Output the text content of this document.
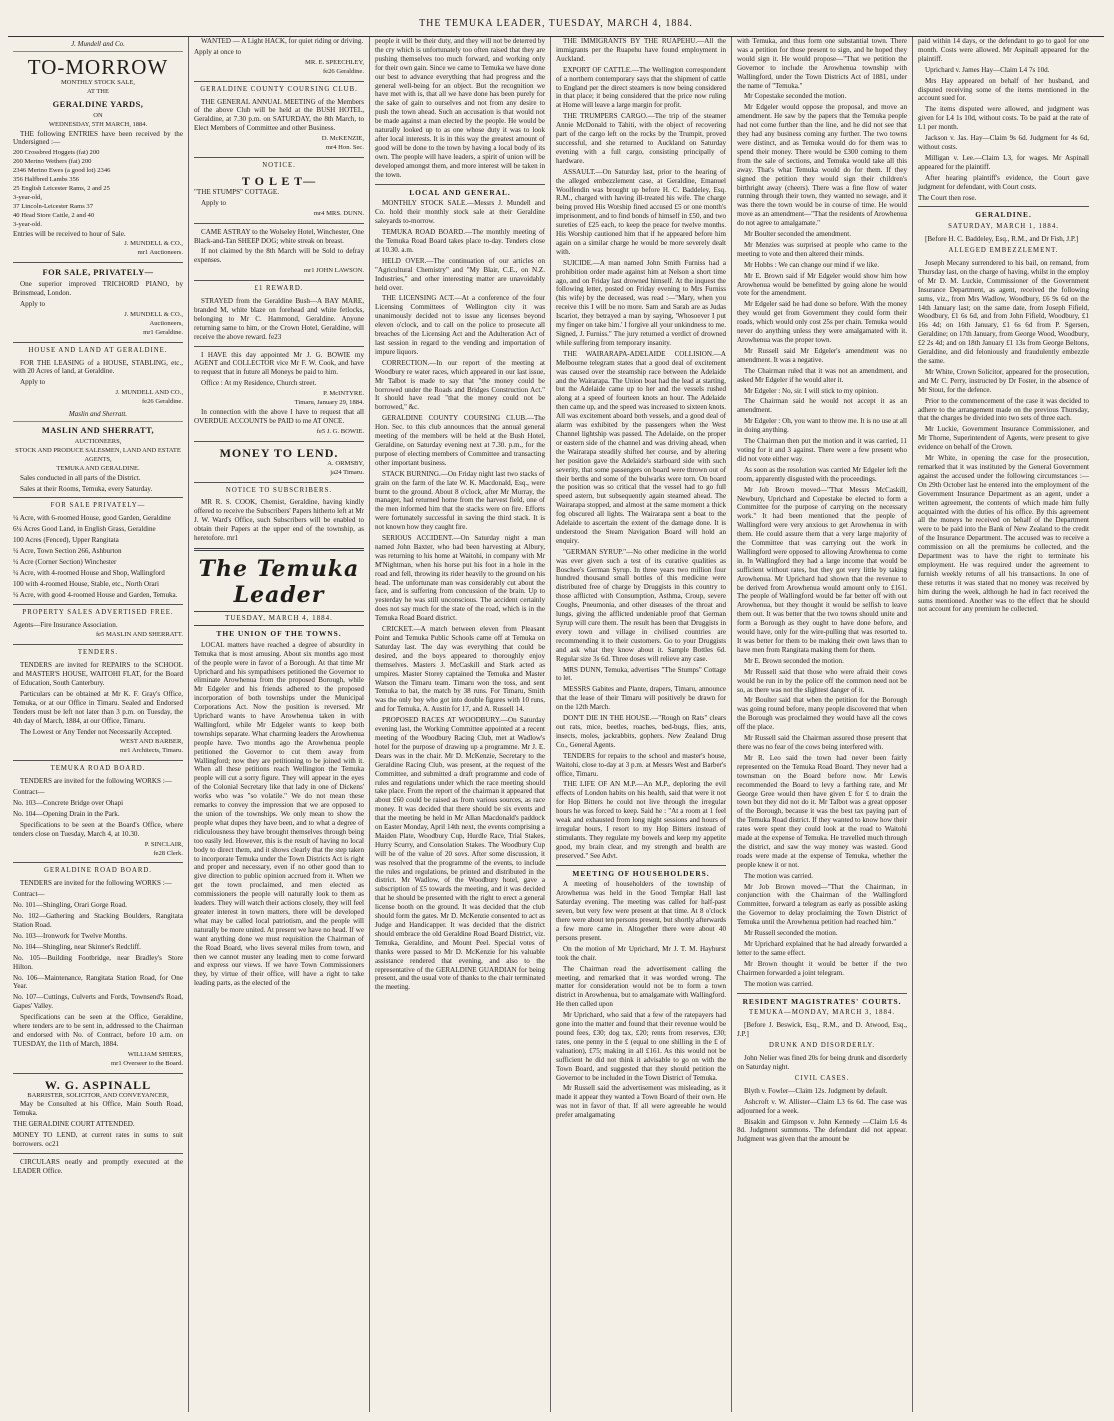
THE TEMUKA LEADER, TUESDAY, MARCH 4, 1884.
J. Mundell and Co.
TO-MORROW
MONTHLY STOCK SALE,
AT THE
GERALDINE YARDS,
ON
WEDNESDAY, 5TH MARCH, 1884.

THE following ENTRIES have been received by the Undersigned :—

200 Crossbred Hoggets (fat) 200
200 Merino Wethers (fat) 200
2346 Merino Ewes (a good lot) 2346
356 Halfbred Lambs 356
25 English Leicester Rams, 2 and 25
3-year-old,
37 Lincoln-Leicester Rams 37
40 Head Store Cattle, 2 and 40
3-year-old.

Entries will be received to hour of Sale.

J. MUNDELL & CO.,
mr1 Auctioneers.
FOR SALE, PRIVATELY—

One superior improved TRICHORD PIANO, by Brinsmead, London.

Apply to

J. MUNDELL & CO.,
Auctioneers,
mr1 Geraldine.
HOUSE AND LAND AT GERALDINE.

FOR THE LEASING of a HOUSE, STABLING, etc., with 20 Acres of land, at Geraldine.

Apply to

J. MUNDELL AND CO.,
fe26 Geraldine.
Maslin and Sherratt.
MASLIN AND SHERRATT,
AUCTIONEERS,
STOCK AND PRODUCE SALESMEN, LAND AND ESTATE AGENTS,
TEMUKA AND GERALDINE.

Sales conducted in all parts of the District.

Sales at their Rooms, Temuka, every Saturday.

FOR SALE PRIVATELY—

¼ Acre, with 6-roomed House, good Garden, Geraldine

6¼ Acres Good Land, in English Grass, Geraldine

100 Acres (Fenced), Upper Rangitata

¼ Acre, Town Section 266, Ashburton

¼ Acre (Corner Section) Winchester

¼ Acre, with 4-roomed House and Shop, Wallingford

100 with 4-roomed House, Stable, etc., North Orari

¼ Acre, with good 4-roomed House and Garden, Temuka.

PROPERTY SALES ADVERTISED FREE.

Agents—Fire Insurance Association.

fe5 MASLIN AND SHERRATT.
TENDERS.

TENDERS are invited for REPAIRS to the SCHOOL and MASTER'S HOUSE, WAITOHI FLAT, for the Board of Education, South Canterbury.

Particulars can be obtained at Mr K. F. Gray's Office, Temuka, or at our Office in Timaru. Sealed and Endorsed Tenders must be left not later than 3 p.m. on Tuesday, the 4th day of March, 1884, at our Office, Timaru.

The Lowest or Any Tender not Necessarily Accepted.

WEST AND BARBER,
mr1 Architects, Timaru.
TEMUKA ROAD BOARD.

TENDERS are invited for the following WORKS :—

Contract—

No. 103—Concrete Bridge over Ohapi

No. 104—Opening Drain in the Park.

Specifications to be seen at the Board's Office, where tenders close on Tuesday, March 4, at 10.30.

P. SINCLAIR,
fe28 Clerk.
GERALDINE ROAD BOARD.

TENDERS are invited for the following WORKS :—

Contract—

No. 101—Shingling, Orari Gorge Road.

No. 102—Gathering and Stacking Boulders, Rangitata Station Road.

No. 103—Ironwork for Twelve Months.

No. 104—Shingling, near Skinner's Redcliff.

No. 105—Building Footbridge, near Bradley's Store Hilton.

No. 106—Maintenance, Rangitata Station Road, for One Year.

No. 107—Cuttings, Culverts and Fords, Townsend's Road, Gapes' Valley.

Specifications can be seen at the Office, Geraldine, where tenders are to be sent in, addressed to the Chairman and endorsed with No. of Contract, before 10 a.m. on TUESDAY, the 11th of March, 1884.

WILLIAM SHIERS,
mr1 Overseer to the Board.
W. G. ASPINALL
BARRISTER, SOLICITOR, AND CONVEYANCER,

May be Consulted at his Office, Main South Road, Temuka.

THE GERALDINE COURT ATTENDED.

MONEY TO LEND, at current rates in sums to suit borrowers. oc21

CIRCULARS neatly and promptly executed at the LEADER Office.

WANTED — A Light HACK, for quiet riding or driving.

Apply at once to

MR. E. SPEECHLEY,
fe26 Geraldine.
GERALDINE COUNTY COURSING CLUB.

THE GENERAL ANNUAL MEETING of the Members of the above Club will be held at the BUSH HOTEL, Geraldine, at 7.30 p.m. on SATURDAY, the 8th March, to Elect Members of Committee and other Business.

D. McKENZIE,
mr4 Hon. Sec.
NOTICE.
T O L E T—

"THE STUMPS" COTTAGE.

Apply to

mr4 MRS. DUNN.

CAME ASTRAY to the Wolseley Hotel, Winchester, One Black-and-Tan SHEEP DOG; white streak on breast.

If not claimed by the 8th March will be Sold to defray expenses.

mr1 JOHN LAWSON.
£1 REWARD.

STRAYED from the Geraldine Bush—A BAY MARE, branded M, white blaze on forehead and white fetlocks, belonging to Mr C. Hammond, Geraldine. Anyone returning same to him, or the Crown Hotel, Geraldine, will receive the above reward. fe23

I HAVE this day appointed Mr J. G. BOWIE my AGENT and COLLECTOR vice Mr F. W. Cook, and have to request that in future all Moneys be paid to him.

Office : At my Residence, Church street.

P. McINTYRE.
Timaru, January 29, 1884.

In connection with the above I have to request that all OVERDUE ACCOUNTS be PAID to me AT ONCE.

fe5 J. G. BOWIE.
MONEY TO LEND.
A. ORMSBY,
ja24 Timaru.
NOTICE TO SUBSCRIBERS.

MR R. S. COOK, Chemist, Geraldine, having kindly offered to receive the Subscribers' Papers hitherto left at Mr J. W. Ward's Office, such Subscribers will be enabled to obtain their Papers at the upper end of the township, as heretofore. mr1

The Temuka Leader
TUESDAY, MARCH 4, 1884.
THE UNION OF THE TOWNS.

LOCAL matters have reached a degree of absurdity in Temuka that is most amusing. About six months ago most of the people were in favor of a Borough. At that time Mr Uprichard and his sympathisers petitioned the Governor to eliminate Arowhenua from the proposed Borough, while Mr Edgeler and his friends adhered to the proposed incorporation of both townships under the Municipal Corporations Act. Now the position is reversed. Mr Uprichard wants to have Arowhenua taken in with Wallingford, while Mr Edgeler wants to keep both townships separate. What charming leaders the Arowhenua people have. Two months ago the Arowhenua people petitioned the Governor to cut them away from Wallingford; now they are petitioning to be joined with it. When all these petitions reach Wellington the Temuka people will cut a sorry figure. They will appear in the eyes of the Colonial Secretary like that lady in one of Dickens' works who was "so volatile." We do not mean these remarks to convey the impression that we are opposed to the union of the townships. We only mean to show the people what dupes they have been, and to what a degree of ridiculousness they have brought themselves through being too easily led. However, this is the result of having no local body to direct them, and it shows clearly that the step taken to incorporate Temuka under the Town Districts Act is right and proper and necessary, even if no other good than to give direction to public opinion accrued from it. When we get the town proclaimed, and men elected as commissioners the people will naturally look to them as leaders. They will watch their actions closely, they will feel greater interest in town matters, there will be developed what may be called local patriotism, and the people will naturally be more united. At present we have no head. If we want anything done we must requisition the Chairman of the Road Board, who lives several miles from town, and then we cannot muster any leading men to come forward and express our views. If we have Town Commissioners they, by virtue of their office, will have a right to take leading parts, as the elected of the

people it will be their duty, and they will not be deterred by the cry which is unfortunately too often raised that they are pushing themselves too much forward, and working only for their own gain. Since we came to Temuka we have done our best to advance everything that had progress and the general well-being for an object. But the recognition we have met with is, that all we have done has been purely for the sake of gain to ourselves and not from any desire to push the town ahead. Such an accusation is that would not be made against a man elected by the people. He would be naturally looked up to as one whose duty it was to look after local interests. It is in this way the greatest amount of good will be done to the town by having a local body of its own. The people will have leaders, a spirit of union will be developed amongst them, and more interest will be taken in the town.

LOCAL AND GENERAL.

MONTHLY STOCK SALE.—Messrs J. Mundell and Co. hold their monthly stock sale at their Geraldine saleyards to-morrow.

TEMUKA ROAD BOARD.—The monthly meeting of the Temuka Road Board takes place to-day. Tenders close at 10.30. a.m.

HELD OVER.—The continuation of our articles on "Agricultural Chemistry" and "My Blair, C.E., on N.Z. Industries," and other interesting matter are unavoidably held over.

THE LICENSING ACT.—At a conference of the four Licensing Committees of Wellington city it was unanimously decided not to issue any licenses beyond eleven o'clock, and to call on the police to prosecute all breaches of the Licensing Act and the Adulteration Act of last session in regard to the vending and importation of impure liquors.

CORRECTION.—In our report of the meeting at Woodbury re water races, which appeared in our last issue, Mr Talbot is made to say that "the money could be borrowed under the Roads and Bridges Construction Act." It should have read "that the money could not be borrowed," &c.

GERALDINE COUNTY COURSING CLUB.—The Hon. Sec. to this club announces that the annual general meeting of the members will be held at the Bush Hotel, Geraldine, on Saturday evening next at 7.30. p.m., for the purpose of electing members of Committee and transacting other important business.

STACK BURNING.—On Friday night last two stacks of grain on the farm of the late W. K. Macdonald, Esq., were burnt to the ground. About 8 o'clock, after Mr Murray, the manager, had returned home from the harvest field, one of the men informed him that the stacks were on fire. Efforts were fortunately successful in saving the third stack. It is not known how they caught fire.

SERIOUS ACCIDENT.—On Saturday night a man named John Baxter, who had been harvesting at Albury, was returning to his home at Waitohi, in company with Mr M'Nightman, when his horse put his foot in a hole in the road and fell, throwing its rider heavily to the ground on his head. The unfortunate man was considerably cut about the face, and is suffering from concussion of the brain. Up to yesterday he was still unconscious. The accident certainly does not say much for the state of the road, which is in the Temuka Road Board district.

CRICKET.—A match between eleven from Pleasant Point and Temuka Public Schools came off at Temuka on Saturday last. The day was everything that could be desired, and the boys appeared to thoroughly enjoy themselves. Masters J. McCaskill and Stark acted as umpires. Master Storey captained the Temuka and Master Watson the Timaru team. Timaru won the toss, and sent Temuka to bat, the match by 38 runs. For Timaru, Smith was the only boy who got into double figures with 10 runs, and for Temuka, A. Austin for 17, and A. Russell 14.

PROPOSED RACES AT WOODBURY.—On Saturday evening last, the Working Committee appointed at a recent meeting of the Woodbury Racing Club, met at Wadlow's hotel for the purpose of drawing up a programme. Mr J. E. Dears was in the chair. Mr D. McKenzie, Secretary to the Geraldine Racing Club, was present, at the request of the Committee, and submitted a draft programme and code of rules and regulations under which the race meeting should take place. From the report of the chairman it appeared that about £60 could be raised as from various sources, as race money. It was decided that there should be six events and that the meeting be held in Mr Allan Macdonald's paddock on Easter Monday, April 14th next, the events comprising a Maiden Plate, Woodbury Cup, Hurdle Race, Trial Stakes, Hurry Scurry, and Consolation Stakes. The Woodbury Cup will be of the value of 20 sovs. After some discussion, it was resolved that the programme of the events, to include the rules and regulations, be printed and distributed in the district. Mr Wadlow, of the Woodbury hotel, gave a subscription of £5 towards the meeting, and it was decided that he should be presented with the right to erect a general license booth on the ground. It was decided that the club should form the gates. Mr D. McKenzie consented to act as Judge and Handicapper. It was decided that the district should embrace the old Geraldine Road Board District, viz. Temuka, Geraldine, and Mount Peel. Special votes of thanks were passed to Mr D. McKenzie for his valuable assistance rendered that evening, and also to the representative of the GERALDINE GUARDIAN for being present, and the usual vote of thanks to the chair terminated the meeting.

THE IMMIGRANTS BY THE RUAPEHU.—All the immigrants per the Ruapehu have found employment in Auckland.

EXPORT OF CATTLE.—The Wellington correspondent of a northern contemporary says that the shipment of cattle to England per the direct steamers is now being considered in that place; it being considered that the price now ruling at Home will leave a large margin for profit.

THE TRUMPERS CARGO.—The trip of the steamer Annie McDonald to Tahiti, with the object of recovering part of the cargo left on the rocks by the Trumpit, proved successful, and she returned to Auckland on Saturday evening with a full cargo, consisting principally of hardware.

ASSAULT.—On Saturday last, prior to the hearing of the alleged embezzlement case, at Geraldine, Emanuel Woolfendin was brought up before H. C. Baddeley, Esq. R.M., charged with having ill-treated his wife. The charge being proved His Worship fined accused £5 or one month's imprisonment, and to find bonds of himself in £50, and two sureties of £25 each, to keep the peace for twelve months. His Worship cautioned him that if he appeared before him again on a similar charge he would be more severely dealt with.

SUICIDE.—A man named John Smith Furniss had a prohibition order made against him at Nelson a short time ago, and on Friday last drowned himself. At the inquest the following letter, posted on Friday evening to Mrs Furniss (his wife) by the deceased, was read :—"Mary, when you receive this I will be no more. Sam and Sarah are as Judas Iscariot, they betrayed a man by saying, 'Whosoever I put my finger on take him.' I forgive all your unkindness to me. Signed, J. Furniss." The jury returned a verdict of drowned while suffering from temporary insanity.

THE WAIRARAPA-ADELAIDE COLLISION.—A Melbourne telegram states that a good deal of excitement was caused over the steamship race between the Adelaide and the Wairarapa. The Union boat had the lead at starting, but the Adelaide came up to her and the vessels rushed along at a speed of fourteen knots an hour. The Adelaide then came up, and the speed was increased to sixteen knots. All was excitement aboard both vessels, and a good deal of alarm was exhibited by the passengers when the West Channel lightship was passed. The Adelaide, on the proper or eastern side of the channel and was driving ahead, when the Wairarapa steadily shifted her course, and by altering her position gave the Adelaide's starboard side with such severity, that some passengers on board were thrown out of their berths and some of the bulwarks were torn. On board the position was so critical that the vessel had to go full speed astern, but subsequently again steamed ahead. The Wairarapa stopped, and almost at the same moment a thick fog obscured all lights. The Wairarapa sent a boat to the Adelaide to ascertain the extent of the damage done. It is understood the Steam Navigation Board will hold an enquiry.

"GERMAN SYRUP."—No other medicine in the world was ever given such a test of its curative qualities as Boschee's German Syrup. In three years two million four hundred thousand small bottles of this medicine were distributed free of charge by Druggists in this country to those afflicted with Consumption, Asthma, Croup, severe Coughs, Pneumonia, and other diseases of the throat and lungs, giving the afflicted undeniable proof that German Syrup will cure them. The result has been that Druggists in every town and village in civilised countries are recommending it to their customers. Go to your Druggists and ask what they know about it. Sample Bottles 6d. Regular size 3s 6d. Three doses will relieve any case.

MRS DUNN, Temuka, advertises "The Stumps" Cottage to let.

MESSRS Gabites and Plante, drapers, Timaru, announce that the lease of their Timaru will positively be drawn for on the 12th March.

DON'T DIE IN THE HOUSE.—"Rough on Rats" clears out rats, mice, beetles, roaches, bed-bugs, flies, ants, insects, moles, jackrabbits, gophers. New Zealand Drug Co., General Agents.

TENDERS for repairs to the school and master's house, Waitohi, close to-day at 3 p.m. at Messrs West and Barber's office, Timaru.

THE LIFE OF AN M.P.—An M.P., deploring the evil effects of London habits on his health, said that were it not for Hop Bitters he could not live through the irregular hours he was forced to keep. Said he : "At a room at 1 feel weak and exhausted from long night sessions and hours of irregular hours, I resort to my Hop Bitters instead of stimulants. They regulate my bowels and keep my appetite good, my brain clear, and my strength and health are preserved." See Advt.

MEETING OF HOUSEHOLDERS.

A meeting of householders of the township of Arowhenua was held in the Good Templar Hall last Saturday evening. The meeting was called for half-past seven, but very few were present at that time. At 8 o'clock there were about ten persons present, but shortly afterwards a few more came in. Altogether there were about 40 persons present.

On the motion of Mr Uprichard, Mr J. T. M. Hayhurst took the chair.

The Chairman read the advertisement calling the meeting, and remarked that it was worded wrong. The matter for consideration would not be to form a town district in Arowhenua, but to amalgamate with Wallingford. He then called upon

Mr Uprichard, who said that a few of the ratepayers had gone into the matter and found that their revenue would be pound fees, £30; dog tax, £20; rents from reserves, £30; rates, one penny in the £ (equal to one shilling in the £ of valuation), £75; making in all £161. As this would not be sufficient he did not think it advisable to go on with the Town Board, and suggested that they should petition the Governor to be included in the Town District of Temuka.

Mr Russell said the advertisement was misleading, as it made it appear they wanted a Town Board of their own. He was not in favor of that. If all were agreeable he would prefer amalgamating

with Temuka, and thus form one substantial town. There was a petition for those present to sign, and he hoped they would sign it. He would propose—"That we petition the Governor to include the Arowhenua township with Wallingford, under the Town Districts Act of 1881, under the name of "Temuka."

Mr Copestake seconded the motion.

Mr Edgeler would oppose the proposal, and move an amendment. He saw by the papers that the Temuka people had not come further than the line, and he did not see that they had any business coming any further. The two towns were distinct, and as Temuka would do for them was to spend their money. There would be £300 coming to them from the sale of sections, and Temuka would take all this away. That's what Temuka would do for them. If they signed the petition they would sign their children's birthright away (cheers). There was a fine flow of water running through their town, they wanted no sewage, and it was there the town would be in course of time. He would move as an amendment—"That the residents of Arowhenua do not agree to amalgamate."

Mr Boulter seconded the amendment.

Mr Menzies was surprised at people who came to the meeting to vote and then altered their minds.

Mr Hobbs : We can change our mind if we like.

Mr E. Brown said if Mr Edgeler would show him how Arowhenua would be benefitted by going alone he would vote for the amendment.

Mr Edgeler said he had done so before. With the money they would get from Government they could form their roads, which would only cost 25s per chain. Temuka would never do anything unless they were amalgamated with it. Arowhenua was the proper town.

Mr Russell said Mr Edgeler's amendment was no amendment. It was a negative.

The Chairman ruled that it was not an amendment, and asked Mr Edgeler if he would alter it.

Mr Edgeler : No, sir. I will stick to my opinion.

The Chairman said he would not accept it as an amendment.

Mr Edgeler : Oh, you want to throw me. It is no use at all in doing anything.

The Chairman then put the motion and it was carried, 11 voting for it and 3 against. There were a few present who did not vote either way.

As soon as the resolution was carried Mr Edgeler left the room, apparently disgusted with the proceedings.

Mr Job Brown moved—"That Messrs McCaskill, Newbury, Uprichard and Copestake be elected to form a Committee for the purpose of carrying on the necessary work." It had been mentioned that the people of Wallingford were very anxious to get Arowhenua in with them. He could assure them that a very large majority of the Committee that was carrying out the work in Wallingford were opposed to allowing Arowhenua to come in. In Wallingford they had a large income that would be sufficient without rates, but they got very little by taking Arowhenua. Mr Uprichard had shown that the revenue to be derived from Arowhenua would amount only to £161. The people of Wallingford would be far better off with out Arowhenua, but they thought it would be selfish to leave them out. It was better that the two towns should unite and form a Borough as they ought to have done before, and would have, only for the wire-pulling that was resorted to. It was better for them to be making their own laws than to have men from Rangitata making them for them.

Mr E. Brown seconded the motion.

Mr Russell said that those who were afraid their cows would be run in by the police off the common need not be so, as there was not the slightest danger of it.

Mr Boulter said that when the petition for the Borough was going round before, many people discovered that when the Borough was proclaimed they would have all the cows off the place.

Mr Russell said the Chairman assured those present that there was no fear of the cows being interfered with.

Mr R. Leo said the town had never been fairly represented on the Temuka Road Board. They never had a townsman on the Board before now. Mr Lewis recommended the Board to levy a farthing rate, and Mr George Gree would then have given £ for £ to drain the town but they did not do it. Mr Talbot was a great opposer of the Borough, because it was the best tax paying part of the Temuka Road district. If they wanted to know how their rates were spent they could look at the road to Waitohi made at the expense of Temuka. He travelled much through the district, and saw the way money was wasted. Good roads were made at the expense of Temuka, whether the people knew it or not.

The motion was carried.

Mr Job Brown moved—"That the Chairman, in conjunction with the Chairman of the Wallingford Committee, forward a telegram as early as possible asking the Governor to delay proclaiming the Town District of Temuka until the Arowhenua petition had reached him."

Mr Russell seconded the motion.

Mr Uprichard explained that he had already forwarded a letter to the same effect.

Mr Brown thought it would be better if the two Chairmen forwarded a joint telegram.

The motion was carried.

RESIDENT MAGISTRATES' COURTS.
TEMUKA—MONDAY, MARCH 3, 1884.

[Before J. Beswick, Esq., R.M., and D. Atwood, Esq., J.P.]

DRUNK AND DISORDERLY.

John Nelier was fined 20s for being drunk and disorderly on Saturday night.

CIVIL CASES.

Blyth v. Fowler—Claim 12s. Judgment by default.

Ashcroft v. W. Allister—Claim L3 6s 6d. The case was adjourned for a week.

Bisakin and Gimpson v. John Kennedy —Claim L6 4s 8d. Judgment summons. The defendant did not appear. Judgment was given that the amount be

paid within 14 days, or the defendant to go to gaol for one month. Costs were allowed. Mr Aspinall appeared for the plaintiff.

Uprichard v. James Hay—Claim L4 7s 10d.

Mrs Hay appeared on behalf of her husband, and disputed receiving some of the items mentioned in the account sued for.

The items disputed were allowed, and judgment was given for L4 1s 10d, without costs. To be paid at the rate of L1 per month.

Jackson v. Jas. Hay—Claim 9s 6d. Judgment for 4s 6d, without costs.

Milligan v. Lee.—Claim L3, for wages. Mr Aspinall appeared for the plaintiff.

After hearing plaintiff's evidence, the Court gave judgment for defendant, with Court costs.

The Court then rose.

GERALDINE.
SATURDAY, MARCH 1, 1884.

[Before H. C. Baddeley, Esq., R.M., and Dr Fish, J.P.]

ALLEGED EMBEZZLEMENT.

Joseph Mecany surrendered to his bail, on remand, from Thursday last, on the charge of having, whilst in the employ of Mr D. M. Luckie, Commissioner of the Government Insurance Department, as agent, received the following sums, viz., from Mrs Wadlow, Woodbury, £6 9s 6d on the 14th January last; on the same date, from Joseph Fifield, Woodbury, £1 6s 6d, and from John Fifield, Woodbury, £1 16s 4d; on 16th January, £1 6s 6d from P. Sgersen, Geraldine; on 17th January, from George Wood, Woodbury, £2 2s 4d; and on 18th January £1 13s from George Beltons, Geraldine, and did feloniously and fraudulently embezzle the same.

Mr White, Crown Solicitor, appeared for the prosecution, and Mr C. Perry, instructed by Dr Foster, in the absence of Mr Stout, for the defence.

Prior to the commencement of the case it was decided to adhere to the arrangement made on the previous Thursday, that the charges be divided into two sets of three each.

Mr Luckie, Government Insurance Commissioner, and Mr Thorne, Superintendent of Agents, were present to give evidence on behalf of the Crown.

Mr White, in opening the case for the prosecution, remarked that it was instituted by the General Government against the accused under the following circumstances :—On 29th October last he entered into the employment of the Government Insurance Department as an agent, under a written agreement, the contents of which made him fully acquainted with the duties of his office. By this agreement all the moneys he received on behalf of the Department were to be paid into the Bank of New Zealand to the credit of the Insurance Department. The accused was to receive a commission on all the premiums he collected, and the Department was to have the right to terminate his employment. He was required under the agreement to furnish weekly returns of all his transactions. In one of these returns it was stated that no money was received by him during the week, although he had in fact received the sums mentioned. Another was to the effect that he should not account for any premium he collected.
